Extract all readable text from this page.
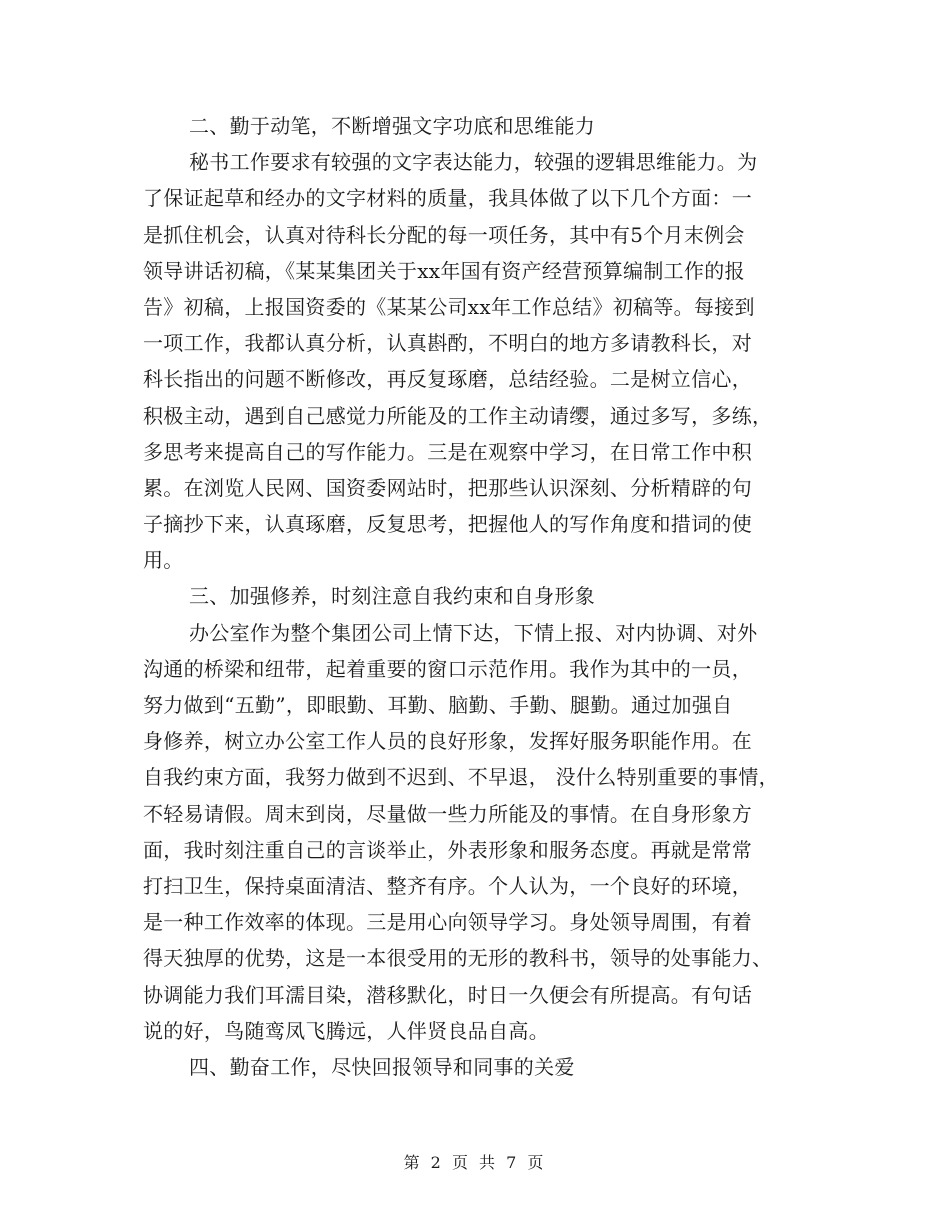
二、勤于动笔，不断增强文字功底和思维能力
秘书工作要求有较强的文字表达能力，较强的逻辑思维能力。为
了保证起草和经办的文字材料的质量，我具体做了以下几个方面：一
是抓住机会，认真对待科长分配的每一项任务，其中有5个月末例会
领导讲话初稿，《某某集团关于xx年国有资产经营预算编制工作的报
告》初稿，上报国资委的《某某公司xx年工作总结》初稿等。每接到
一项工作，我都认真分析，认真斟酌，不明白的地方多请教科长，对
科长指出的问题不断修改，再反复琢磨，总结经验。二是树立信心，
积极主动，遇到自己感觉力所能及的工作主动请缨，通过多写，多练，
多思考来提高自己的写作能力。三是在观察中学习，在日常工作中积
累。在浏览人民网、国资委网站时，把那些认识深刻、分析精辟的句
子摘抄下来，认真琢磨，反复思考，把握他人的写作角度和措词的使
用。
三、加强修养，时刻注意自我约束和自身形象
办公室作为整个集团公司上情下达，下情上报、对内协调、对外
沟通的桥梁和纽带，起着重要的窗口示范作用。我作为其中的一员，
努力做到“五勤”，即眼勤、耳勤、脑勤、手勤、腿勤。通过加强自
身修养，树立办公室工作人员的良好形象，发挥好服务职能作用。在
自我约束方面，我努力做到不迟到、不早退， 没什么特别重要的事情，
不轻易请假。周末到岗，尽量做一些力所能及的事情。在自身形象方
面，我时刻注重自己的言谈举止，外表形象和服务态度。再就是常常
打扫卫生，保持桌面清洁、整齐有序。个人认为，一个良好的环境，
是一种工作效率的体现。三是用心向领导学习。身处领导周围，有着
得天独厚的优势，这是一本很受用的无形的教科书，领导的处事能力、
协调能力我们耳濡目染，潜移默化，时日一久便会有所提高。有句话
说的好，鸟随鸾凤飞腾远，人伴贤良品自高。
四、勤奋工作，尽快回报领导和同事的关爱
第 2 页 共 7 页
